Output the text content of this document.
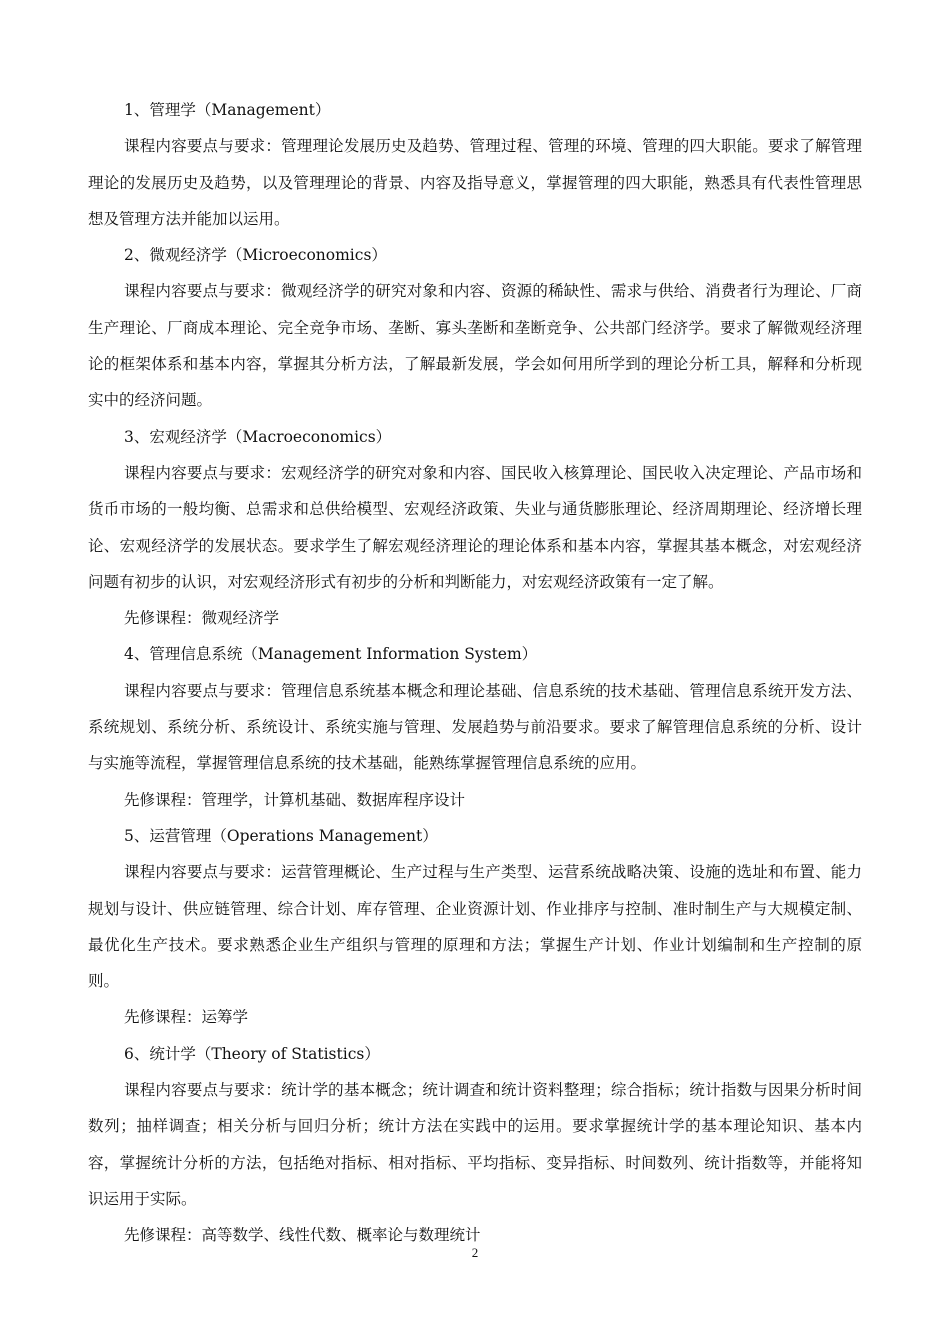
1、管理学（Management）

课程内容要点与要求：管理理论发展历史及趋势、管理过程、管理的环境、管理的四大职能。要求了解管理理论的发展历史及趋势，以及管理理论的背景、内容及指导意义，掌握管理的四大职能，熟悉具有代表性管理思想及管理方法并能加以运用。

2、微观经济学（Microeconomics）

课程内容要点与要求：微观经济学的研究对象和内容、资源的稀缺性、需求与供给、消费者行为理论、厂商生产理论、厂商成本理论、完全竞争市场、垄断、寡头垄断和垄断竞争、公共部门经济学。要求了解微观经济理论的框架体系和基本内容，掌握其分析方法，了解最新发展，学会如何用所学到的理论分析工具，解释和分析现实中的经济问题。

3、宏观经济学（Macroeconomics）

课程内容要点与要求：宏观经济学的研究对象和内容、国民收入核算理论、国民收入决定理论、产品市场和货币市场的一般均衡、总需求和总供给模型、宏观经济政策、失业与通货膨胀理论、经济周期理论、经济增长理论、宏观经济学的发展状态。要求学生了解宏观经济理论的理论体系和基本内容，掌握其基本概念，对宏观经济问题有初步的认识，对宏观经济形式有初步的分析和判断能力，对宏观经济政策有一定了解。

先修课程：微观经济学

4、管理信息系统（Management Information System）

课程内容要点与要求：管理信息系统基本概念和理论基础、信息系统的技术基础、管理信息系统开发方法、系统规划、系统分析、系统设计、系统实施与管理、发展趋势与前沿要求。要求了解管理信息系统的分析、设计与实施等流程，掌握管理信息系统的技术基础，能熟练掌握管理信息系统的应用。

先修课程：管理学，计算机基础、数据库程序设计

5、运营管理（Operations Management）

课程内容要点与要求：运营管理概论、生产过程与生产类型、运营系统战略决策、设施的选址和布置、能力规划与设计、供应链管理、综合计划、库存管理、企业资源计划、作业排序与控制、准时制生产与大规模定制、最优化生产技术。要求熟悉企业生产组织与管理的原理和方法；掌握生产计划、作业计划编制和生产控制的原则。

先修课程：运筹学

6、统计学（Theory of Statistics）

课程内容要点与要求：统计学的基本概念；统计调查和统计资料整理；综合指标；统计指数与因果分析时间数列；抽样调查；相关分析与回归分析；统计方法在实践中的运用。要求掌握统计学的基本理论知识、基本内容，掌握统计分析的方法，包括绝对指标、相对指标、平均指标、变异指标、时间数列、统计指数等，并能将知识运用于实际。

先修课程：高等数学、线性代数、概率论与数理统计

2
